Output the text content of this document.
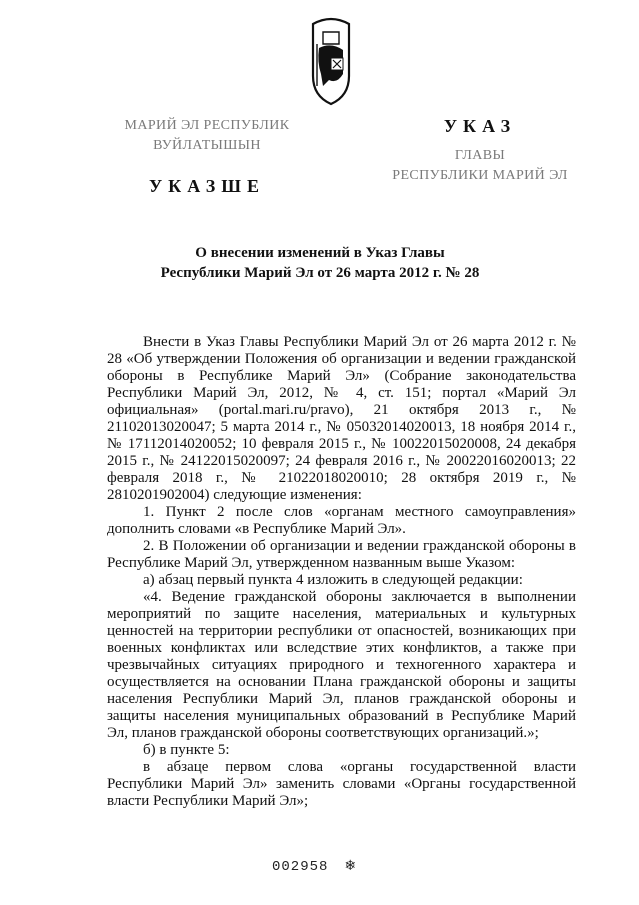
МАРИЙ ЭЛ РЕСПУБЛИК
ВУЙЛАТЫШЫН
УКАЗШЕ
УКАЗ
ГЛАВЫ
РЕСПУБЛИКИ МАРИЙ ЭЛ
О внесении изменений в Указ Главы
Республики Марий Эл от 26 марта 2012 г. № 28

Внести в Указ Главы Республики Марий Эл от 26 марта 2012 г. № 28 «Об утверждении Положения об организации и ведении гражданской обороны в Республике Марий Эл» (Собрание законодательства Республики Марий Эл, 2012, № 4, ст. 151; портал «Марий Эл официальная» (portal.mari.ru/pravo), 21 октября 2013 г., № 21102013020047; 5 марта 2014 г., № 05032014020013, 18 ноября 2014 г., № 17112014020052; 10 февраля 2015 г., № 10022015020008, 24 декабря 2015 г., № 24122015020097; 24 февраля 2016 г., № 20022016020013; 22 февраля 2018 г., № 21022018020010; 28 октября 2019 г., № 2810201902004) следующие изменения:

1. Пункт 2 после слов «органам местного самоуправления» дополнить словами «в Республике Марий Эл».

2. В Положении об организации и ведении гражданской обороны в Республике Марий Эл, утвержденном названным выше Указом:

а) абзац первый пункта 4 изложить в следующей редакции:

«4. Ведение гражданской обороны заключается в выполнении мероприятий по защите населения, материальных и культурных ценностей на территории республики от опасностей, возникающих при военных конфликтах или вследствие этих конфликтов, а также при чрезвычайных ситуациях природного и техногенного характера и осуществляется на основании Плана гражданской обороны и защиты населения Республики Марий Эл, планов гражданской обороны и защиты населения муниципальных образований в Республике Марий Эл, планов гражданской обороны соответствующих организаций.»;

б) в пункте 5:

в абзаце первом слова «органы государственной власти Республики Марий Эл» заменить словами «Органы государственной власти Республики Марий Эл»;

002958 ❄
